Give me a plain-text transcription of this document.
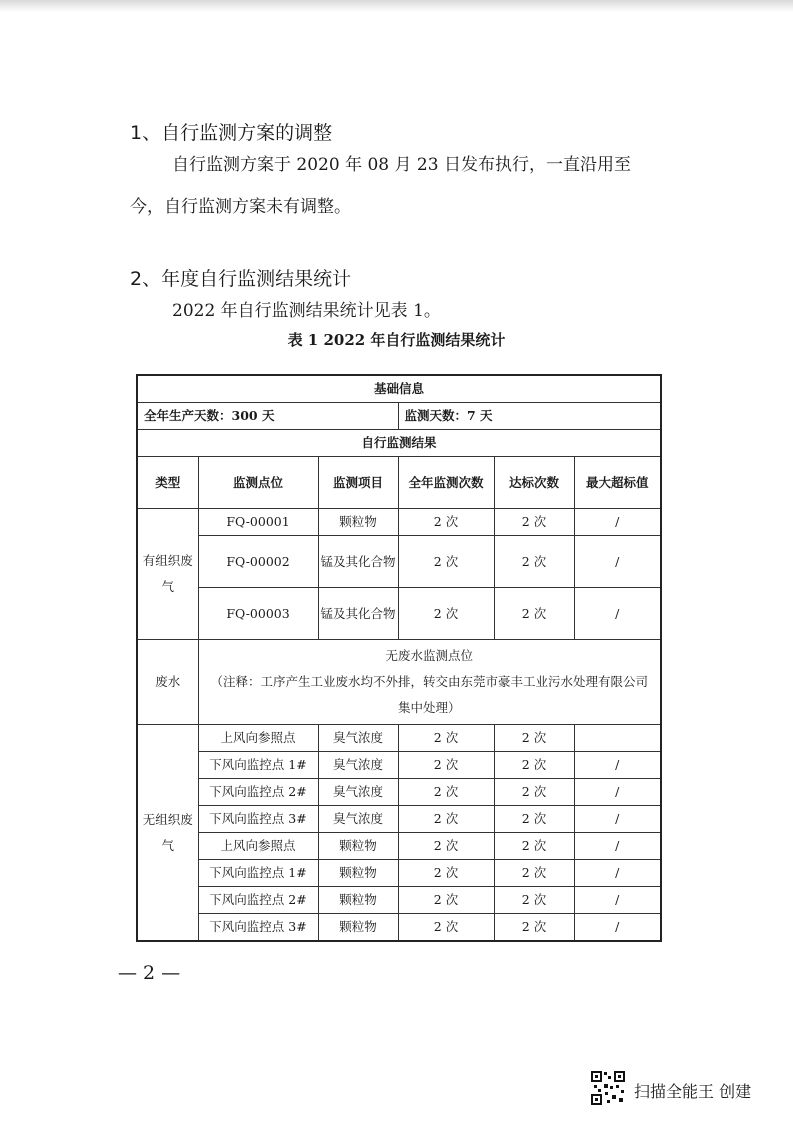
1、自行监测方案的调整
自行监测方案于 2020 年 08 月 23 日发布执行，一直沿用至
今，自行监测方案未有调整。
2、年度自行监测结果统计
2022 年自行监测结果统计见表 1。
表 1 2022 年自行监测结果统计
基础信息					
全年生产天数：300 天			监测天数：7 天		
自行监测结果					
类型	监测点位	监测项目	全年监测次数	达标次数	最大超标值
有组织废气	FQ-00001	颗粒物	2 次	2 次	/
	FQ-00002	锰及其化合物	2 次	2 次	/
	FQ-00003	锰及其化合物	2 次	2 次	/
废水	无废水监测点位
（注释：工序产生工业废水均不外排，转交由东莞市豪丰工业污水处理有限公司集中处理）				

无组织废气	上风向参照点	臭气浓度	2 次	2 次	
	下风向监控点 1#	臭气浓度	2 次	2 次	/
	下风向监控点 2#	臭气浓度	2 次	2 次	/
	下风向监控点 3#	臭气浓度	2 次	2 次	/
	上风向参照点	颗粒物	2 次	2 次	/
	下风向监控点 1#	颗粒物	2 次	2 次	/
	下风向监控点 2#	颗粒物	2 次	2 次	/
	下风向监控点 3#	颗粒物	2 次	2 次	/
— 2 —
扫描全能王 创建
